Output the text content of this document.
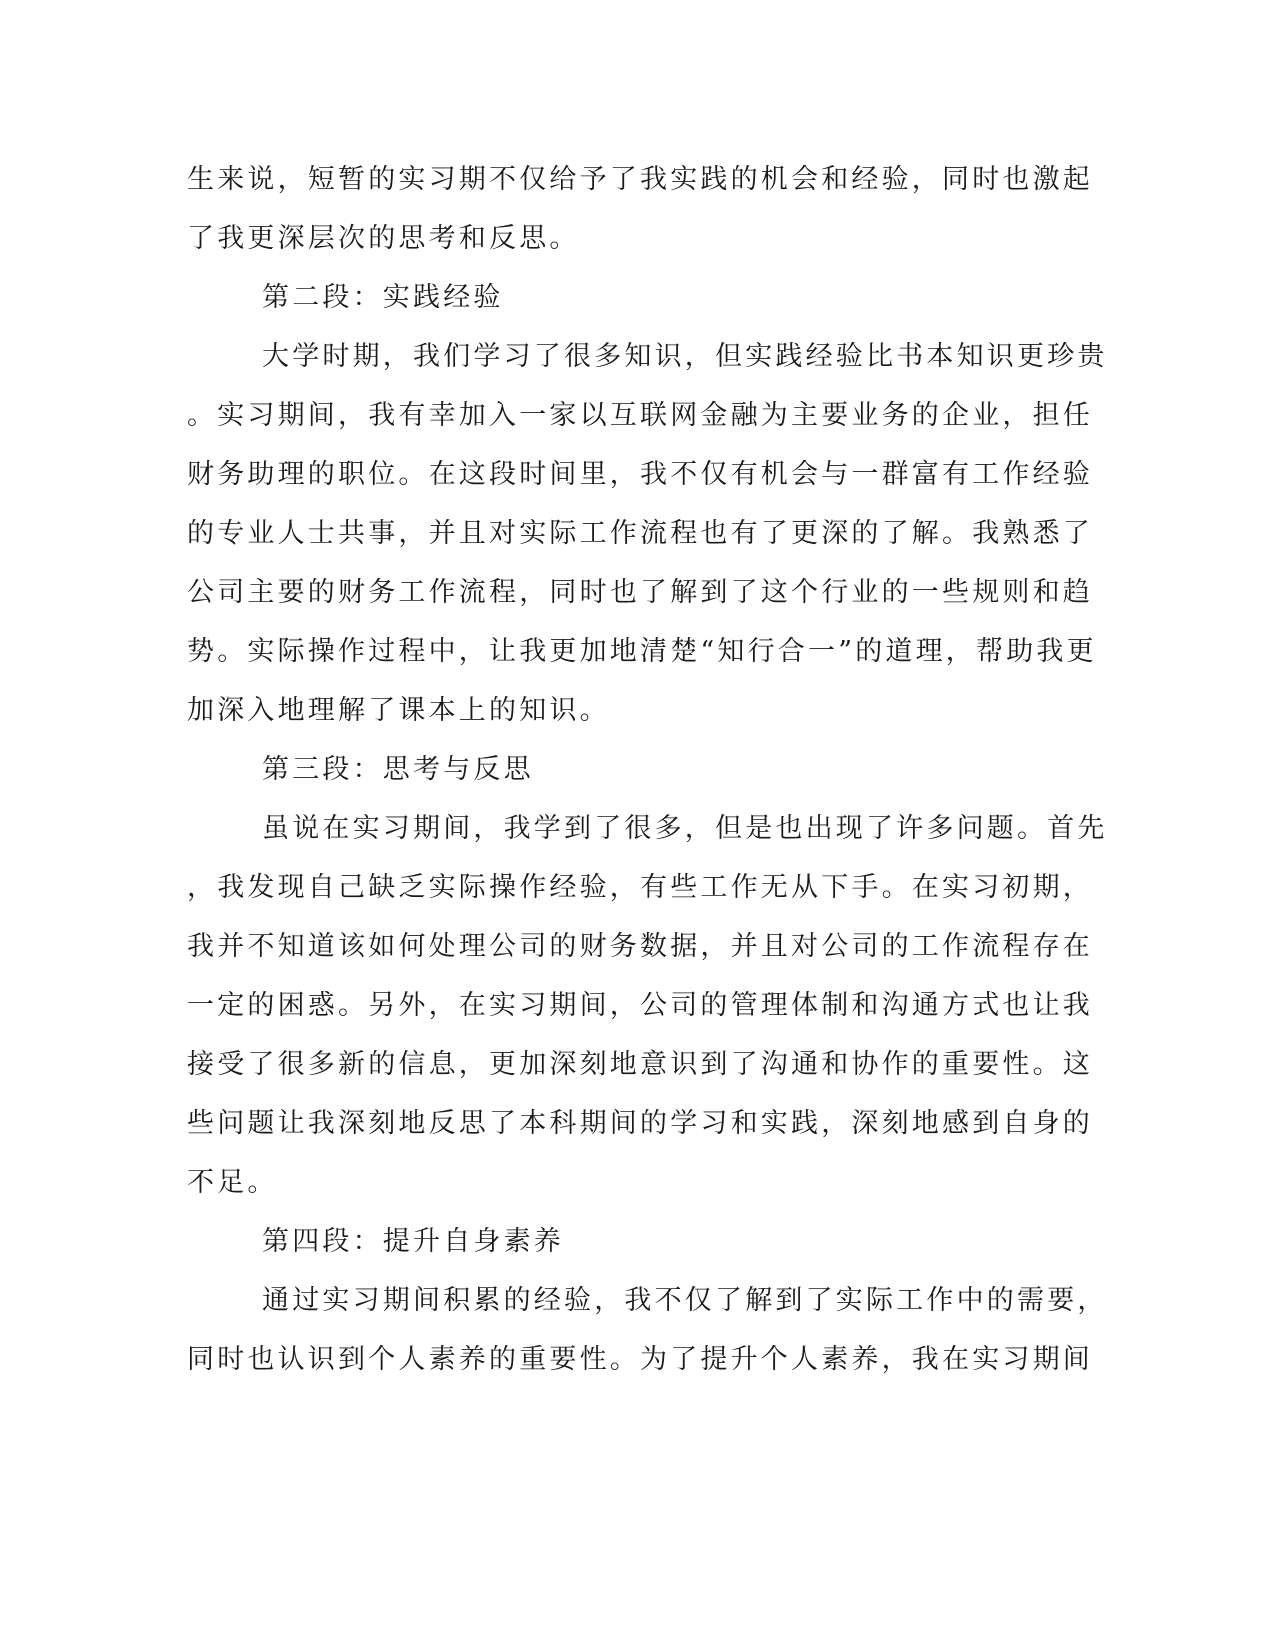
生来说，短暂的实习期不仅给予了我实践的机会和经验，同时也激起
了我更深层次的思考和反思。
第二段：实践经验
大学时期，我们学习了很多知识，但实践经验比书本知识更珍贵
。实习期间，我有幸加入一家以互联网金融为主要业务的企业，担任
财务助理的职位。在这段时间里，我不仅有机会与一群富有工作经验
的专业人士共事，并且对实际工作流程也有了更深的了解。我熟悉了
公司主要的财务工作流程，同时也了解到了这个行业的一些规则和趋
势。实际操作过程中，让我更加地清楚“知行合一”的道理，帮助我更
加深入地理解了课本上的知识。
第三段：思考与反思
虽说在实习期间，我学到了很多，但是也出现了许多问题。首先
，我发现自己缺乏实际操作经验，有些工作无从下手。在实习初期，
我并不知道该如何处理公司的财务数据，并且对公司的工作流程存在
一定的困惑。另外，在实习期间，公司的管理体制和沟通方式也让我
接受了很多新的信息，更加深刻地意识到了沟通和协作的重要性。这
些问题让我深刻地反思了本科期间的学习和实践，深刻地感到自身的
不足。
第四段：提升自身素养
通过实习期间积累的经验，我不仅了解到了实际工作中的需要，
同时也认识到个人素养的重要性。为了提升个人素养，我在实习期间
